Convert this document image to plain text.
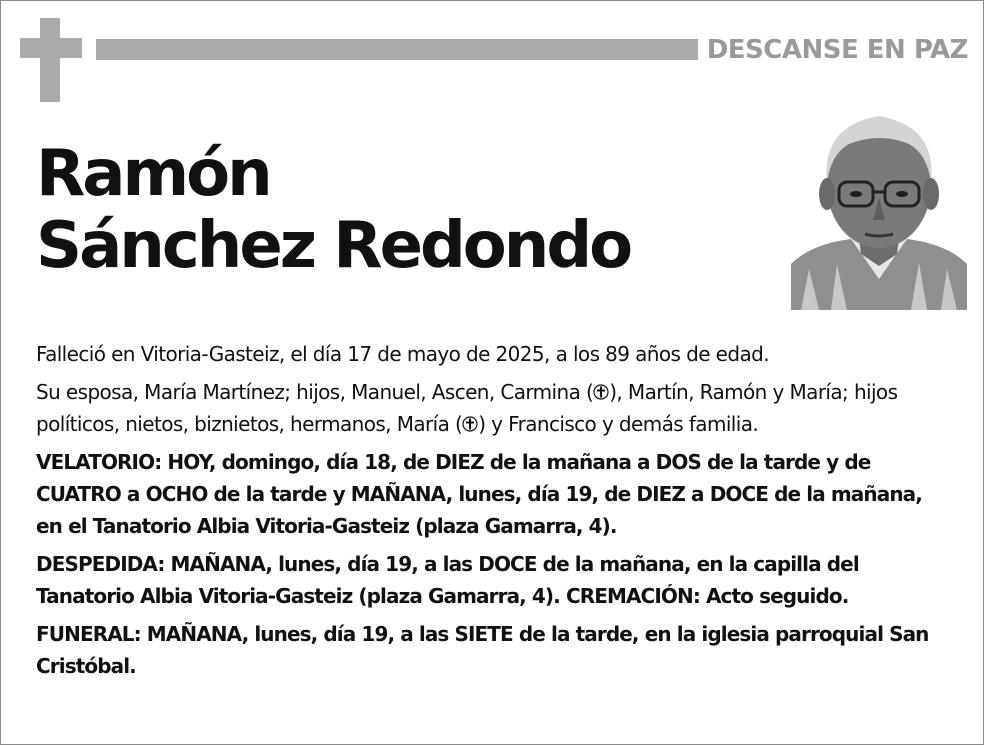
DESCANSE EN PAZ
Ramón
Sánchez Redondo

Falleció en Vitoria-Gasteiz, el día 17 de mayo de 2025, a los 89 años de edad.

Su esposa, María Martínez; hijos, Manuel, Ascen, Carmina ( ), Martín, Ramón y María; hijos políticos, nietos, biznietos, hermanos, María ( ) y Francisco y demás familia.

VELATORIO: HOY, domingo, día 18, de DIEZ de la mañana a DOS de la tarde y de CUATRO a OCHO de la tarde y MAÑANA, lunes, día 19, de DIEZ a DOCE de la mañana, en el Tanatorio Albia Vitoria-Gasteiz (plaza Gamarra, 4).

DESPEDIDA: MAÑANA, lunes, día 19, a las DOCE de la mañana, en la capilla del Tanatorio Albia Vitoria-Gasteiz (plaza Gamarra, 4). CREMACIÓN: Acto seguido.

FUNERAL: MAÑANA, lunes, día 19, a las SIETE de la tarde, en la iglesia parroquial San Cristóbal.
